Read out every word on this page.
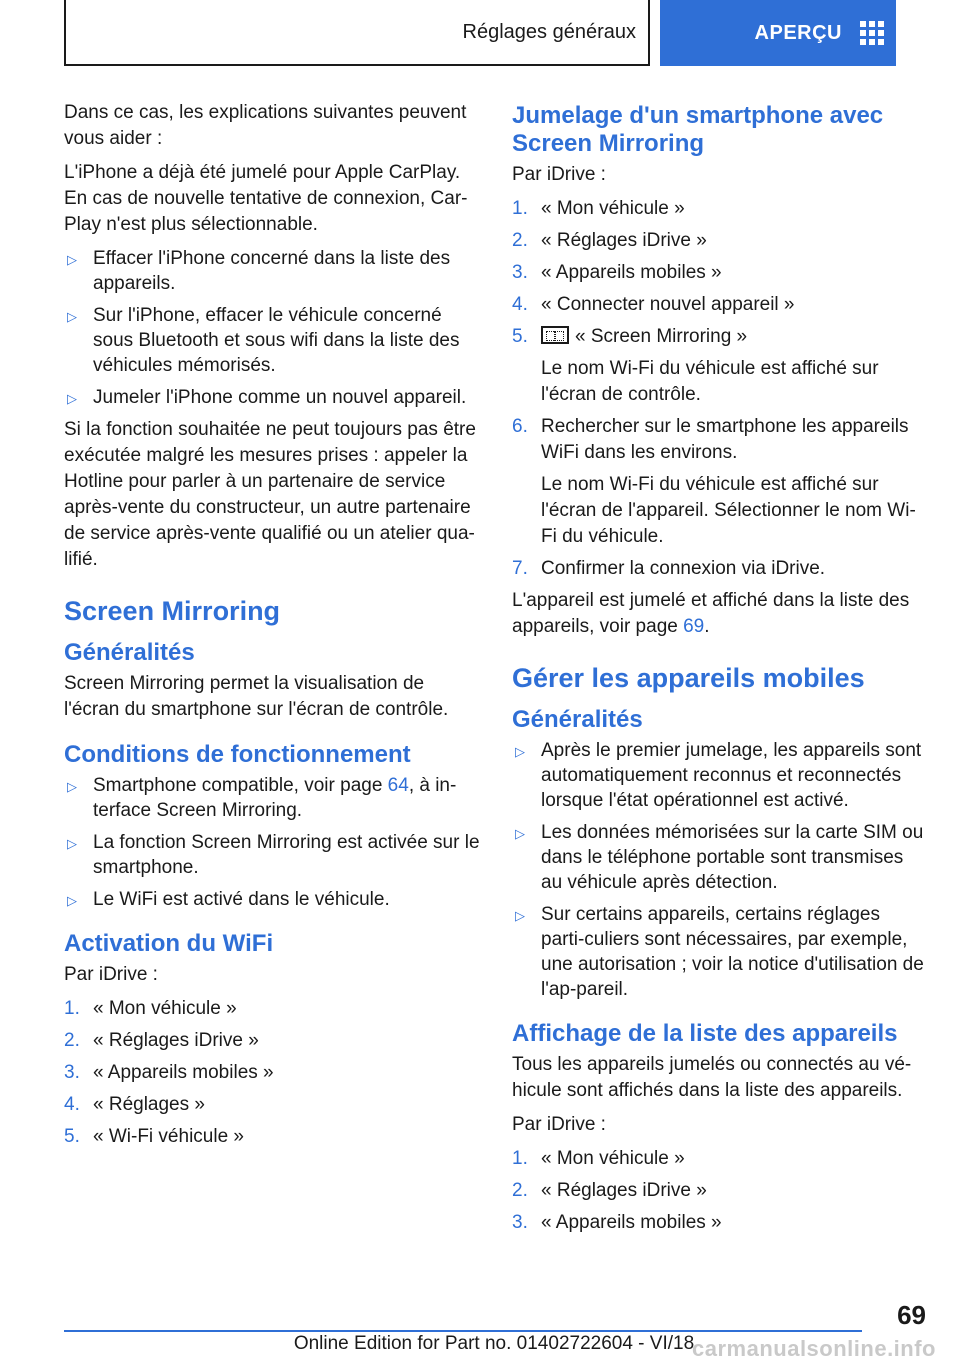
Réglages généraux	APERÇU

Dans ce cas, les explications suivantes peuvent vous aider :

L'iPhone a déjà été jumelé pour Apple CarPlay. En cas de nouvelle tentative de connexion, Car‐Play n'est plus sélectionnable.

▷ Effacer l'iPhone concerné dans la liste des appareils.
▷ Sur l'iPhone, effacer le véhicule concerné sous Bluetooth et sous wifi dans la liste des véhicules mémorisés.
▷ Jumeler l'iPhone comme un nouvel appareil.

Si la fonction souhaitée ne peut toujours pas être exécutée malgré les mesures prises : appeler la Hotline pour parler à un partenaire de service après-vente du constructeur, un autre partenaire de service après-vente qualifié ou un atelier qua‐lifié.

Screen Mirroring
Généralités

Screen Mirroring permet la visualisation de l'écran du smartphone sur l'écran de contrôle.

Conditions de fonctionnement
▷ Smartphone compatible, voir page 64, à in‐terface Screen Mirroring.
▷ La fonction Screen Mirroring est activée sur le smartphone.
▷ Le WiFi est activé dans le véhicule.
Activation du WiFi

Par iDrive :

1. « Mon véhicule »
2. « Réglages iDrive »
3. « Appareils mobiles »
4. « Réglages »
5. « Wi-Fi véhicule »
Jumelage d'un smartphone avec Screen Mirroring

Par iDrive :

1. « Mon véhicule »
2. « Réglages iDrive »
3. « Appareils mobiles »
4. « Connecter nouvel appareil »
5. « Screen Mirroring »
Le nom Wi-Fi du véhicule est affiché sur l'écran de contrôle.
6. Rechercher sur le smartphone les appareils WiFi dans les environs.
Le nom Wi-Fi du véhicule est affiché sur l'écran de l'appareil. Sélectionner le nom Wi-Fi du véhicule.
7. Confirmer la connexion via iDrive.

L'appareil est jumelé et affiché dans la liste des appareils, voir page 69.

Gérer les appareils mobiles
Généralités
▷ Après le premier jumelage, les appareils sont automatiquement reconnus et reconnectés lorsque l'état opérationnel est activé.
▷ Les données mémorisées sur la carte SIM ou dans le téléphone portable sont transmises au véhicule après détection.
▷ Sur certains appareils, certains réglages parti‐culiers sont nécessaires, par exemple, une autorisation ; voir la notice d'utilisation de l'ap‐pareil.
Affichage de la liste des appareils

Tous les appareils jumelés ou connectés au vé‐hicule sont affichés dans la liste des appareils.

Par iDrive :

1. « Mon véhicule »
2. « Réglages iDrive »
3. « Appareils mobiles »
69
Online Edition for Part no. 01402722604 - VI/18
carmanualsonline.info
